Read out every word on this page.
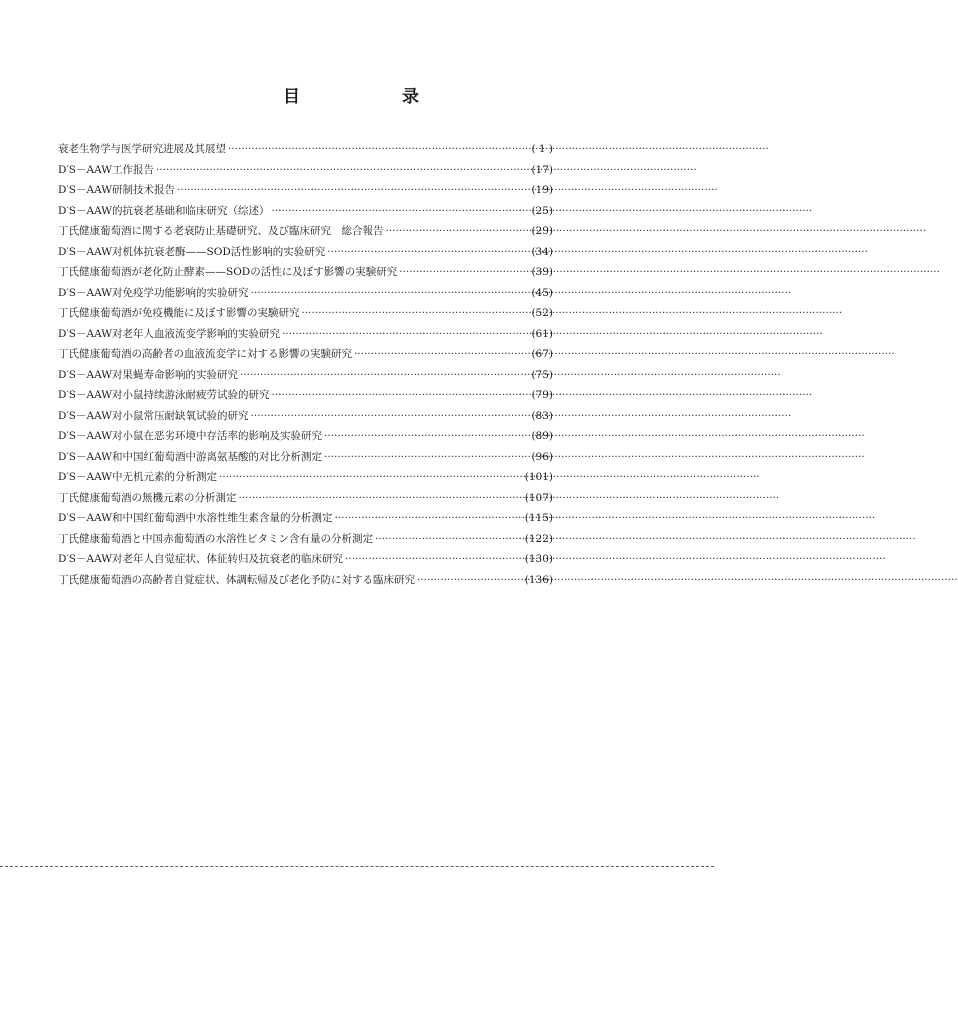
目 录
衰老生物学与医学研究进展及其展望 ·····	( 1 )
D′S－AAW工作报告 ·····	(17)
D′S－AAW研制技术报告 ·····	(19)
D′S－AAW的抗衰老基础和临床研究（综述） ·····	(25)
丁氏健康葡萄酒に関する老衰防止基礎研究、及び臨床研究　総合報告 ·····	(29)
D′S－AAW对机体抗衰老酶——SOD活性影响的实验研究 ·····	(34)
丁氏健康葡萄酒が老化防止酵素——SODの活性に及ぼす影響の実験研究 ·····	(39)
D′S－AAW对免疫学功能影响的实验研究 ·····	(45)
丁氏健康葡萄酒が免疫機能に及ぼす影響の実験研究 ·····	(52)
D′S－AAW对老年人血液流变学影响的实验研究 ·····	(61)
丁氏健康葡萄酒の高齢者の血液流変学に対する影響の実験研究 ·····	(67)
D′S－AAW对果蝇寿命影响的实验研究 ·····	(75)
D′S－AAW对小鼠持续游泳耐疲劳试验的研究 ·····	(79)
D′S－AAW对小鼠常压耐缺氧试验的研究 ·····	(83)
D′S－AAW对小鼠在恶劣环境中存活率的影响及实验研究 ·····	(89)
D′S－AAW和中国红葡萄酒中游离氨基酸的对比分析测定 ·····	(96)
D′S－AAW中无机元素的分析测定 ·····	(101)
丁氏健康葡萄酒の無機元素の分析測定 ·····	(107)
D′S－AAW和中国红葡萄酒中水溶性维生素含量的分析测定 ·····	(115)
丁氏健康葡萄酒と中国赤葡萄酒の水溶性ビタミン含有量の分析測定 ·····	(122)
D′S－AAW对老年人自觉症状、体征转归及抗衰老的临床研究 ·····	(130)
丁氏健康葡萄酒の高齢者自覚症状、体調転帰及び老化予防に対する臨床研究 ·····	(136)
